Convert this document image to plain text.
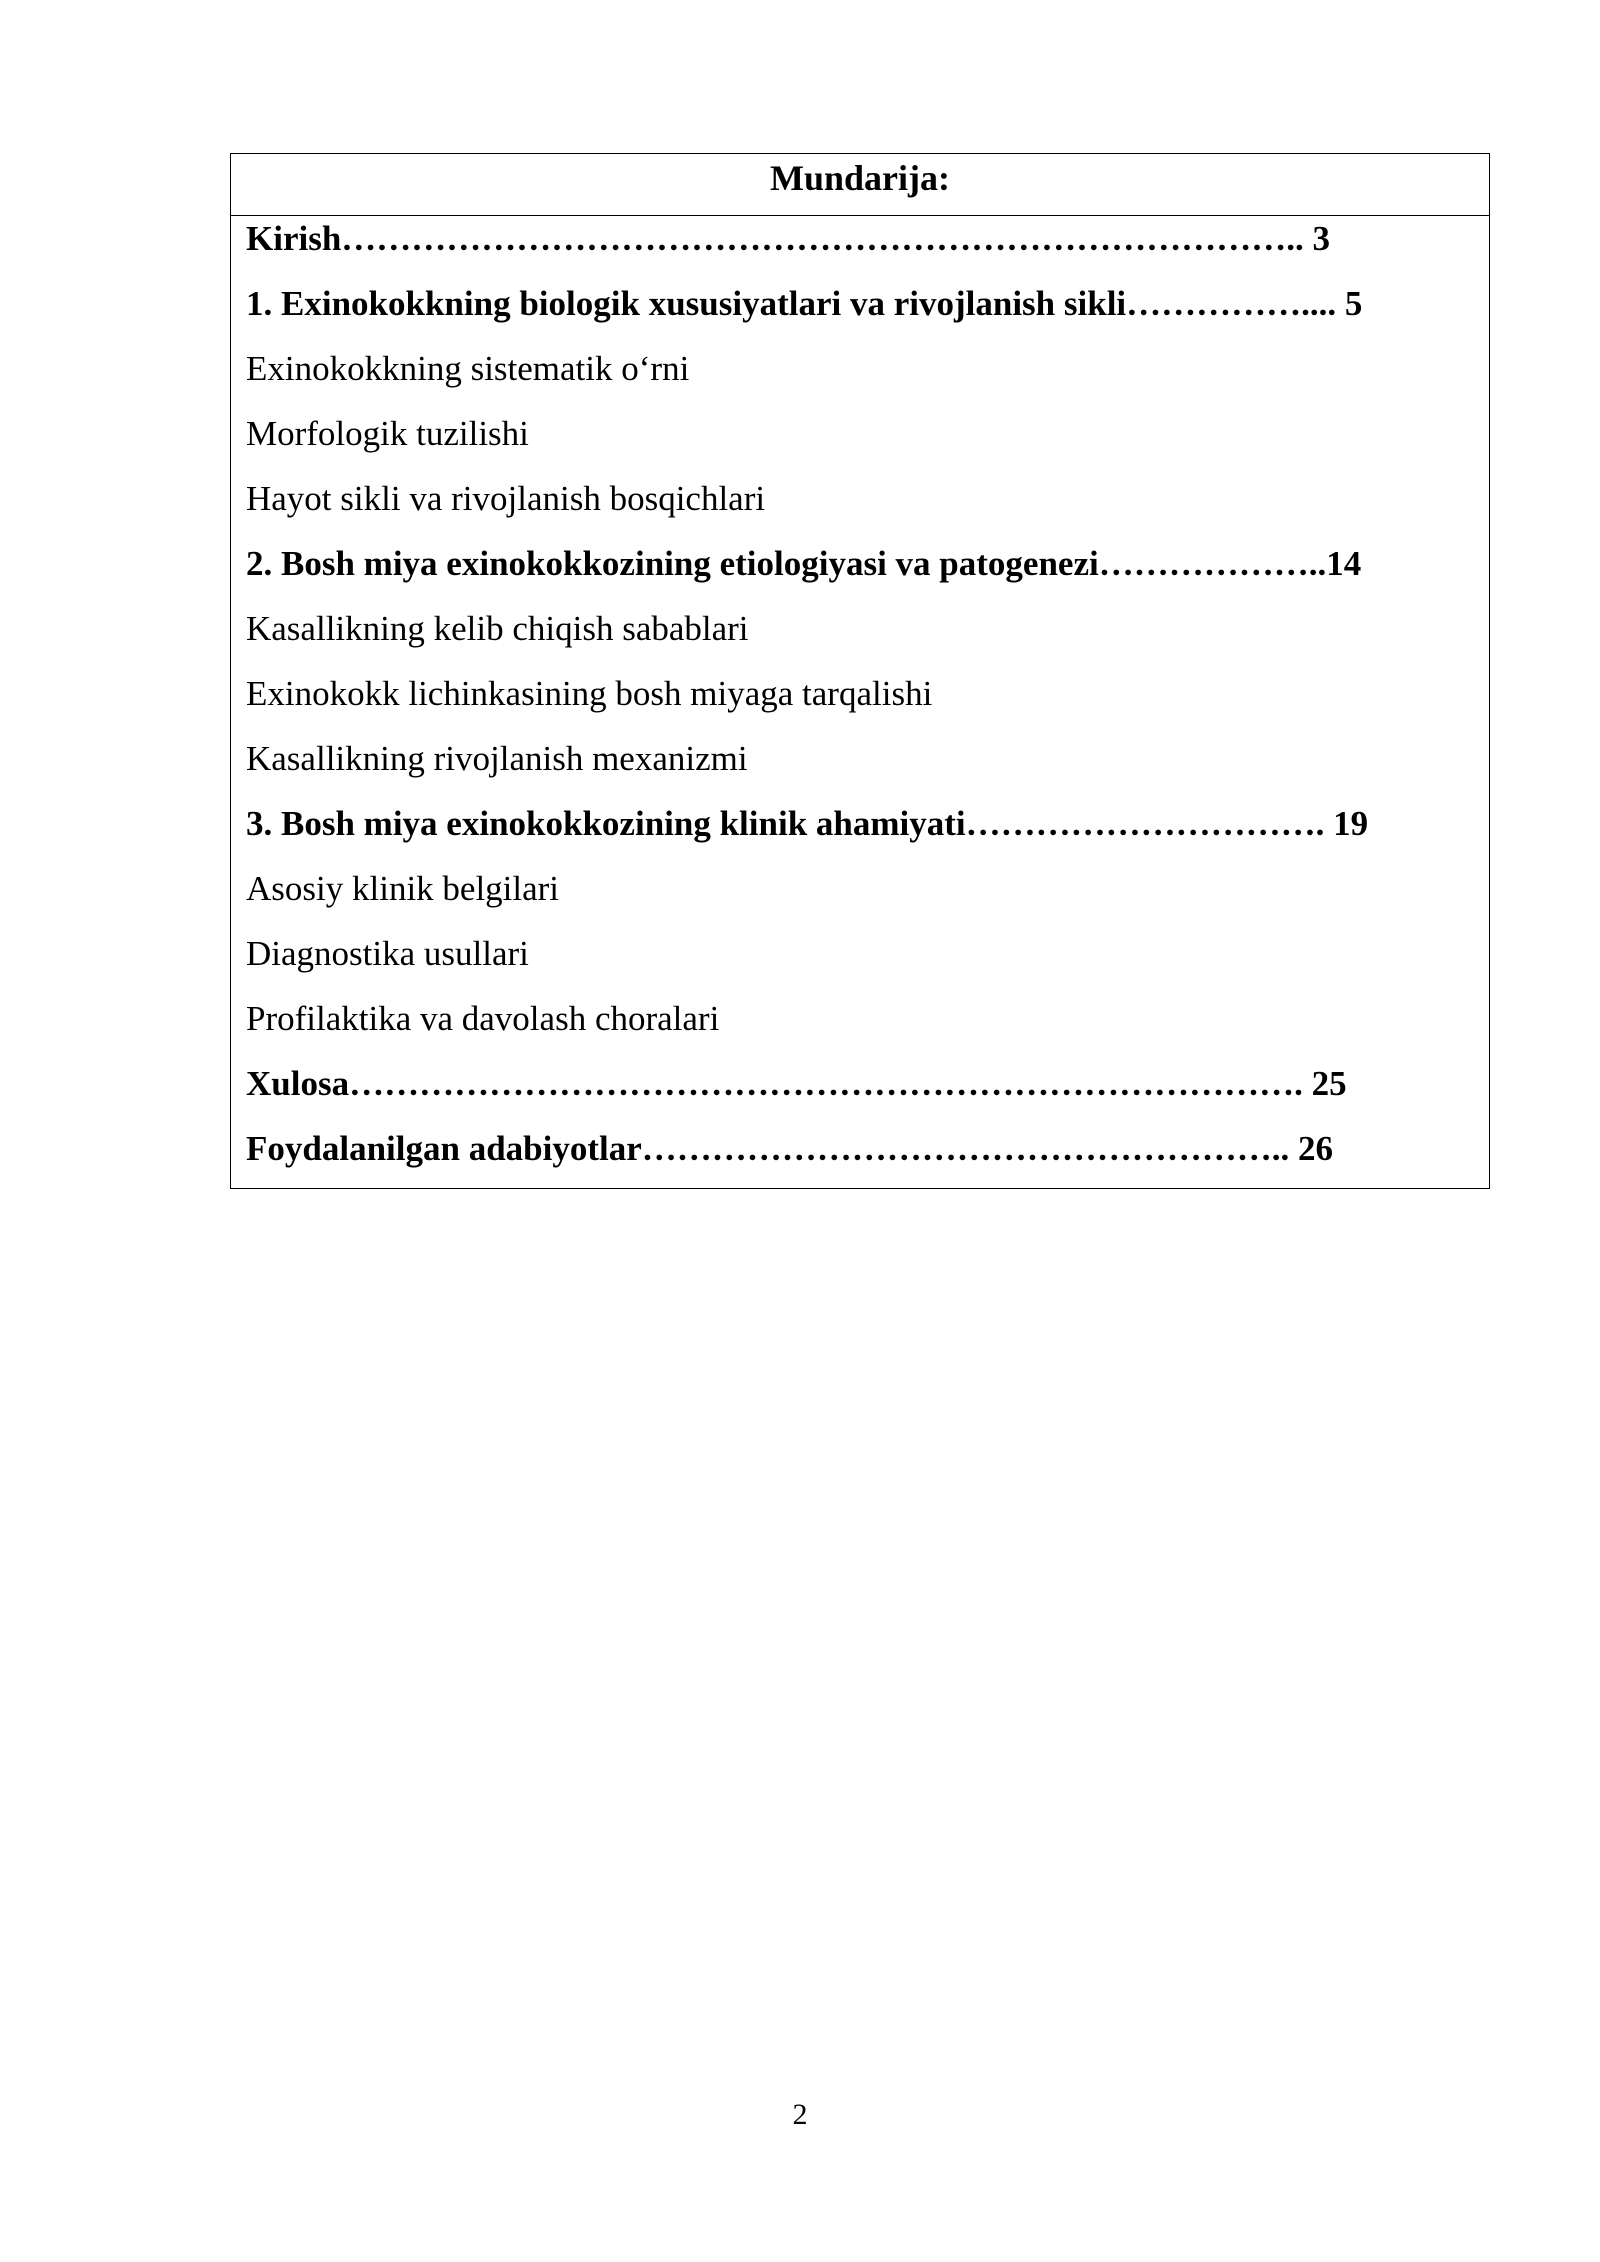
Mundarija:
Kirish……………………………………………………………………….. 3
1. Exinokokkning biologik xususiyatlari va rivojlanish sikli…………….... 5
Exinokokkning sistematik o‘rni
Morfologik tuzilishi
Hayot sikli va rivojlanish bosqichlari
2. Bosh miya exinokokkozining etiologiyasi va patogenezi………………..14
Kasallikning kelib chiqish sabablari
Exinokokk lichinkasining bosh miyaga tarqalishi
Kasallikning rivojlanish mexanizmi
3. Bosh miya exinokokkozining klinik ahamiyati…………………………. 19
Asosiy klinik belgilari
Diagnostika usullari
Profilaktika va davolash choralari
Xulosa………………………………………………………………………. 25
Foydalanilgan adabiyotlar……………………………………………….. 26
2
